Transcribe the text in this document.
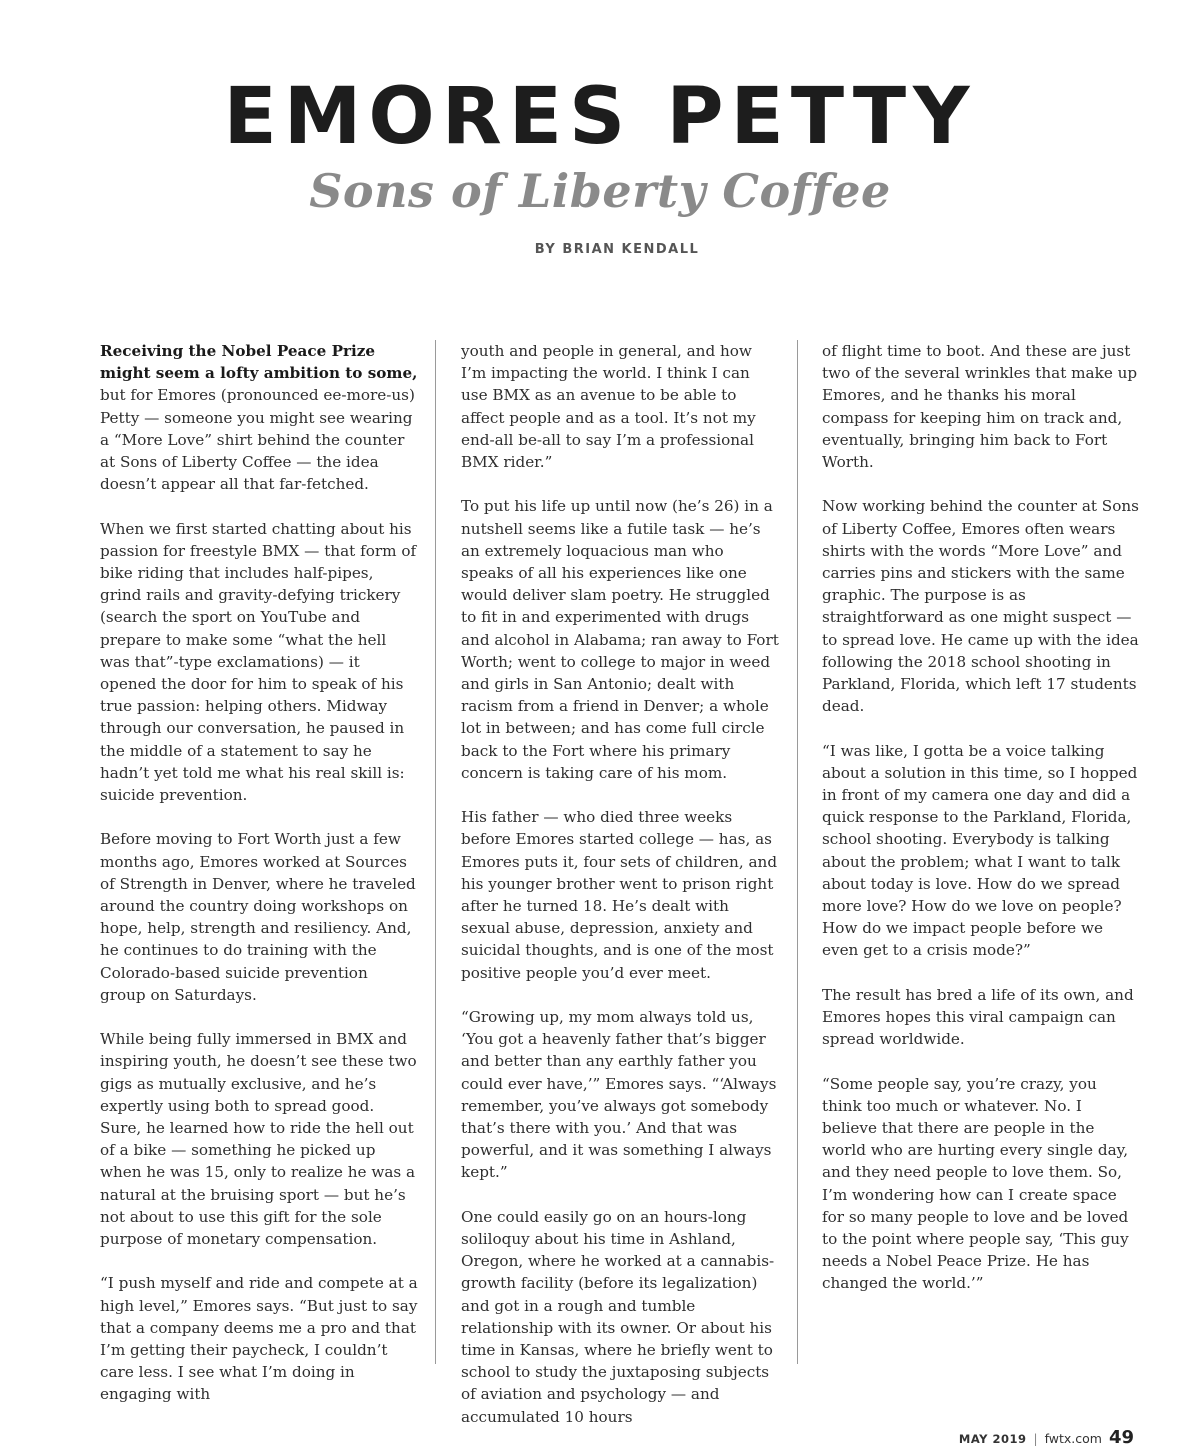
EMORES PETTY
Sons of Liberty Coffee
BY BRIAN KENDALL

Receiving the Nobel Peace Prize might seem a lofty ambition to some, but for Emores (pronounced ee-more-us) Petty — someone you might see wearing a “More Love” shirt behind the counter at Sons of Liberty Coffee — the idea doesn’t appear all that far-fetched.

When we first started chatting about his passion for freestyle BMX — that form of bike riding that includes half-pipes, grind rails and gravity-defying trickery (search the sport on YouTube and prepare to make some “what the hell was that”-type exclamations) — it opened the door for him to speak of his true passion: helping others. Midway through our conversation, he paused in the middle of a statement to say he hadn’t yet told me what his real skill is: suicide prevention.

Before moving to Fort Worth just a few months ago, Emores worked at Sources of Strength in Denver, where he traveled around the country doing workshops on hope, help, strength and resiliency. And, he continues to do training with the Colorado-based suicide prevention group on Saturdays.

While being fully immersed in BMX and inspiring youth, he doesn’t see these two gigs as mutually exclusive, and he’s expertly using both to spread good. Sure, he learned how to ride the hell out of a bike — something he picked up when he was 15, only to realize he was a natural at the bruising sport — but he’s not about to use this gift for the sole purpose of monetary compensation.

“I push myself and ride and compete at a high level,” Emores says. “But just to say that a company deems me a pro and that I’m getting their paycheck, I couldn’t care less. I see what I’m doing in engaging with

youth and people in general, and how I’m impacting the world. I think I can use BMX as an avenue to be able to affect people and as a tool. It’s not my end-all be-all to say I’m a professional BMX rider.”

To put his life up until now (he’s 26) in a nutshell seems like a futile task — he’s an extremely loquacious man who speaks of all his experiences like one would deliver slam poetry. He struggled to fit in and experimented with drugs and alcohol in Alabama; ran away to Fort Worth; went to college to major in weed and girls in San Antonio; dealt with racism from a friend in Denver; a whole lot in between; and has come full circle back to the Fort where his primary concern is taking care of his mom.

His father — who died three weeks before Emores started college — has, as Emores puts it, four sets of children, and his younger brother went to prison right after he turned 18. He’s dealt with sexual abuse, depression, anxiety and suicidal thoughts, and is one of the most positive people you’d ever meet.

“Growing up, my mom always told us, ‘You got a heavenly father that’s bigger and better than any earthly father you could ever have,’” Emores says. “‘Always remember, you’ve always got somebody that’s there with you.’ And that was powerful, and it was something I always kept.”

One could easily go on an hours-long soliloquy about his time in Ashland, Oregon, where he worked at a cannabis-growth facility (before its legalization) and got in a rough and tumble relationship with its owner. Or about his time in Kansas, where he briefly went to school to study the juxtaposing subjects of aviation and psychology — and accumulated 10 hours

of flight time to boot. And these are just two of the several wrinkles that make up Emores, and he thanks his moral compass for keeping him on track and, eventually, bringing him back to Fort Worth.

Now working behind the counter at Sons of Liberty Coffee, Emores often wears shirts with the words “More Love” and carries pins and stickers with the same graphic. The purpose is as straightforward as one might suspect — to spread love. He came up with the idea following the 2018 school shooting in Parkland, Florida, which left 17 students dead.

“I was like, I gotta be a voice talking about a solution in this time, so I hopped in front of my camera one day and did a quick response to the Parkland, Florida, school shooting. Everybody is talking about the problem; what I want to talk about today is love. How do we spread more love? How do we love on people? How do we impact people before we even get to a crisis mode?”

The result has bred a life of its own, and Emores hopes this viral campaign can spread worldwide.

“Some people say, you’re crazy, you think too much or whatever. No. I believe that there are people in the world who are hurting every single day, and they need people to love them. So, I’m wondering how can I create space for so many people to love and be loved to the point where people say, ‘This guy needs a Nobel Peace Prize. He has changed the world.’”

MAY 2019 | fwtx.com 49
